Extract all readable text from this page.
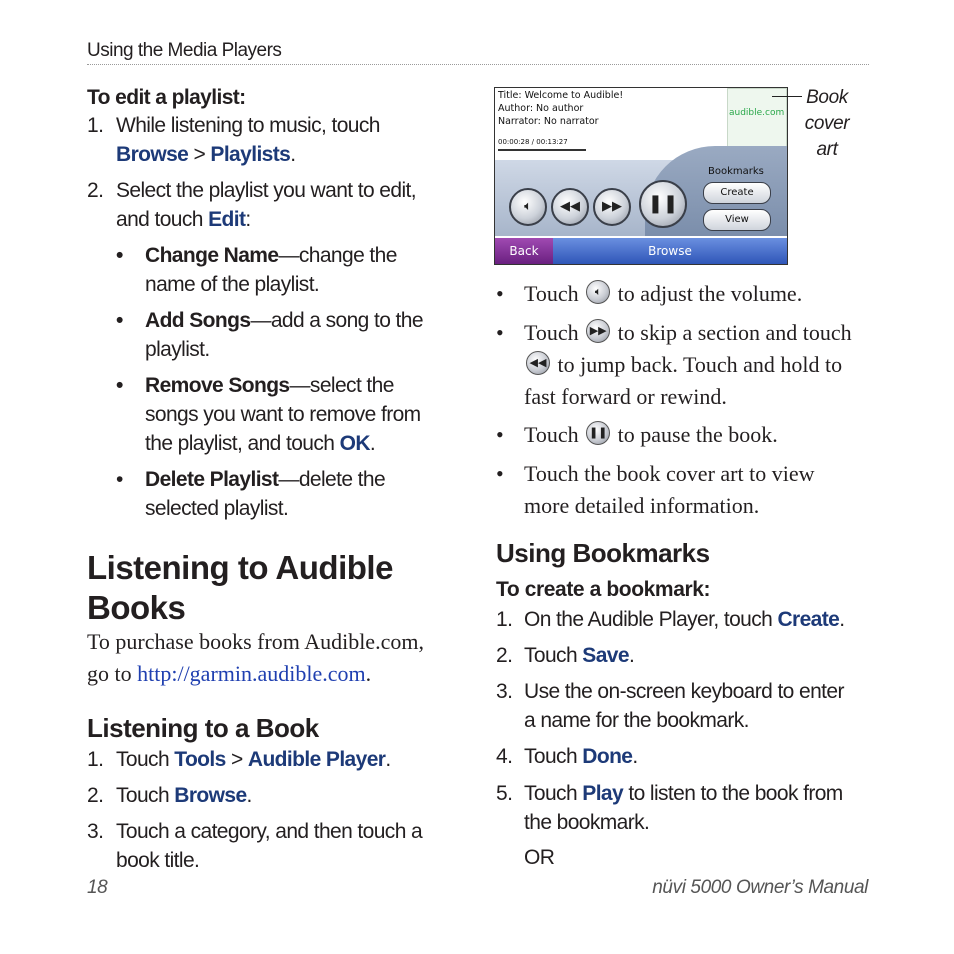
Using the Media Players
To edit a playlist:
1. While listening to music, touch
Browse > Playlists.
2. Select the playlist you want to edit,
and touch Edit:
• Change Name—change the
name of the playlist.
• Add Songs—add a song to the
playlist.
• Remove Songs—select the
songs you want to remove from
the playlist, and touch OK.
• Delete Playlist—delete the
selected playlist.
Listening to Audible
Books
To purchase books from Audible.com,
go to http://garmin.audible.com.
Listening to a Book
1. Touch Tools > Audible Player.
2. Touch Browse.
3. Touch a category, and then touch a
book title.
Title: Welcome to Audible!
Author: No author
Narrator: No narrator
00:00:28 / 00:13:27
audible.com
🔈︎	◀◀	▶▶	❚❚
Bookmarks
Create
View
Back	Browse
Book
cover
art
• Touch	🔈︎ to adjust the volume.
• Touch ▶▶ to skip a section and touch

◀◀ to jump back. Touch and hold to
fast forward or rewind.
• Touch ❚❚ to pause the book.
• Touch the book cover art to view
more detailed information.
Using Bookmarks
To create a bookmark:
1. On the Audible Player, touch Create.
2. Touch Save.
3. Use the on-screen keyboard to enter
a name for the bookmark.
4. Touch Done.
5. Touch Play to listen to the book from
the bookmark.
OR
18	nüvi 5000 Owner’s Manual
